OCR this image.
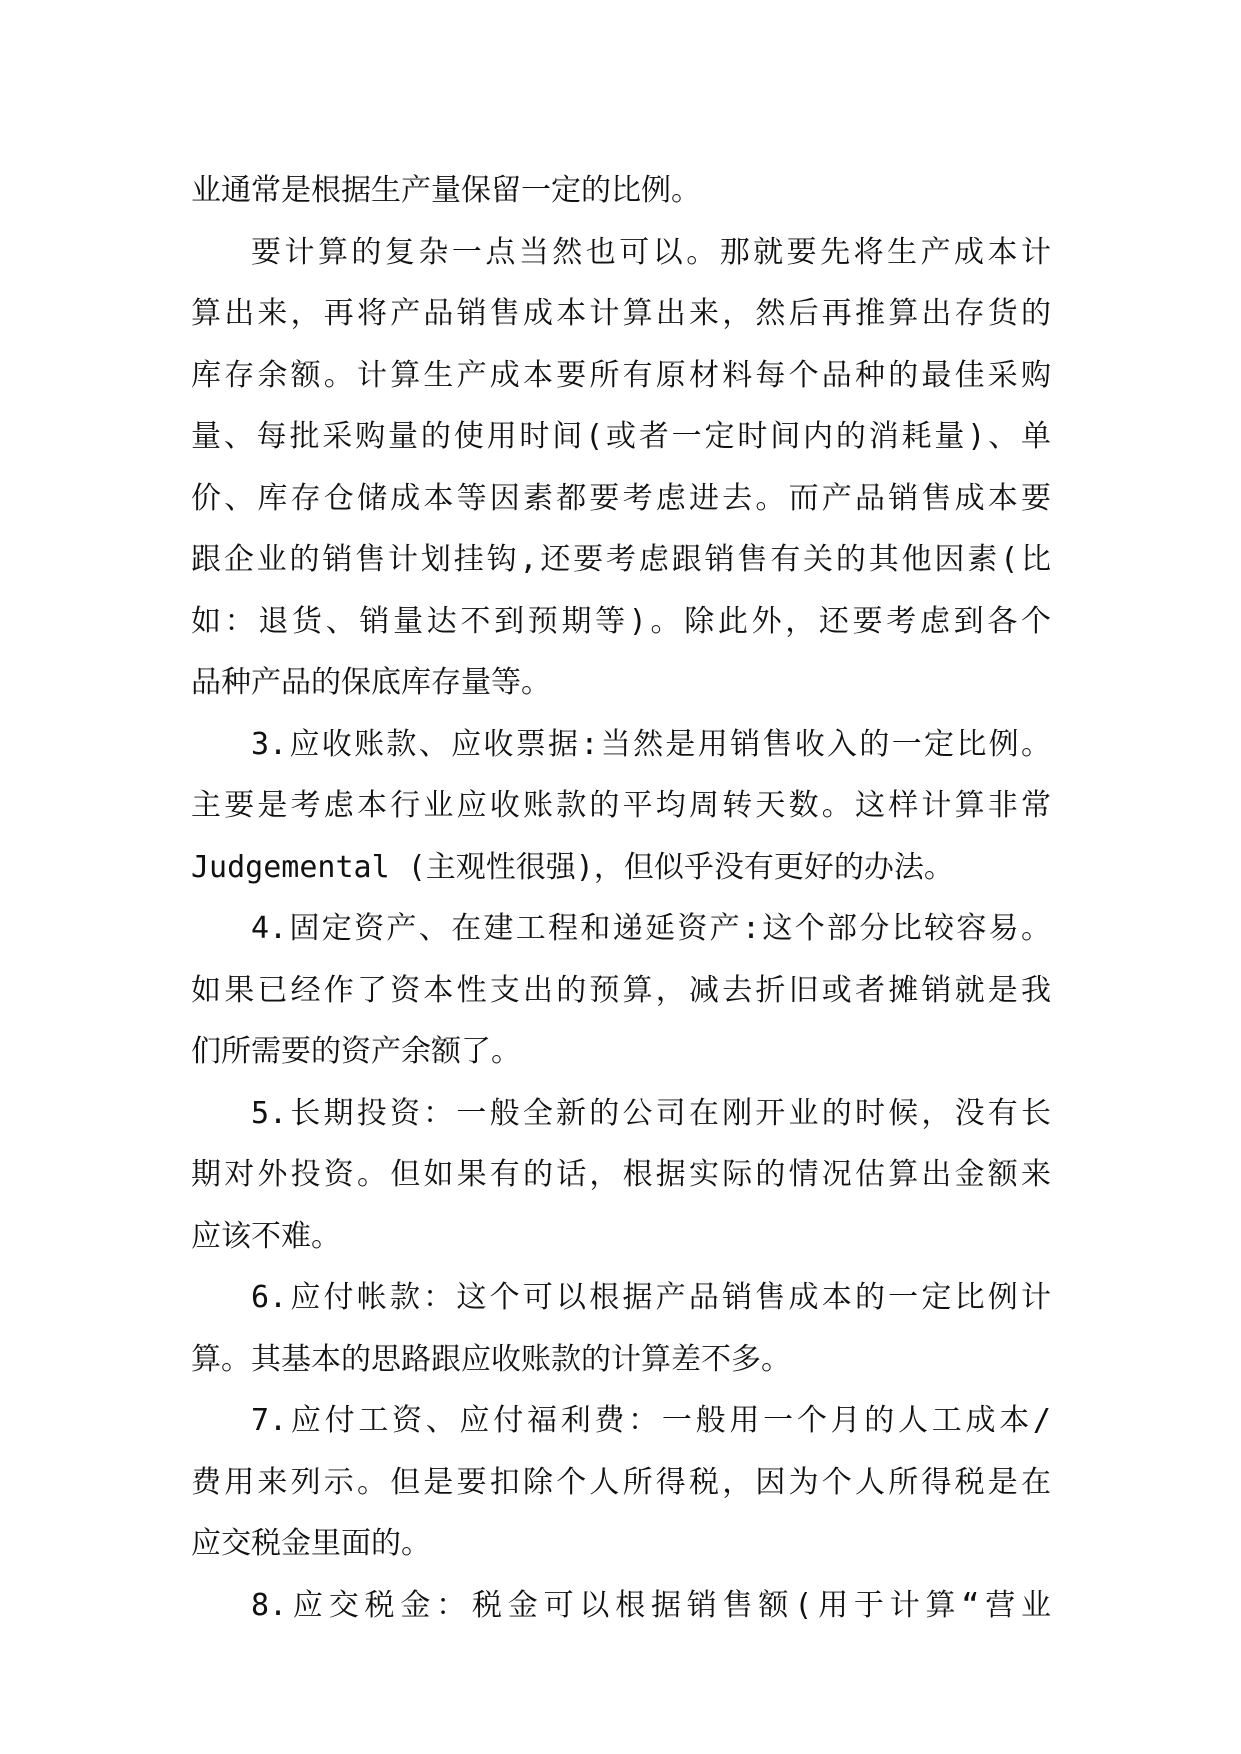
业通常是根据生产量保留一定的比例。
要计算的复杂一点当然也可以。那就要先将生产成本计
算出来，再将产品销售成本计算出来，然后再推算出存货的
库存余额。计算生产成本要所有原材料每个品种的最佳采购
量、每批采购量的使用时间(或者一定时间内的消耗量)、单
价、库存仓储成本等因素都要考虑进去。而产品销售成本要
跟企业的销售计划挂钩,还要考虑跟销售有关的其他因素(比
如：退货、销量达不到预期等)。除此外，还要考虑到各个
品种产品的保底库存量等。
3.应收账款、应收票据:当然是用销售收入的一定比例。
主要是考虑本行业应收账款的平均周转天数。这样计算非常
Judgemental (主观性很强)，但似乎没有更好的办法。
4.固定资产、在建工程和递延资产:这个部分比较容易。
如果已经作了资本性支出的预算，减去折旧或者摊销就是我
们所需要的资产余额了。
5.长期投资：一般全新的公司在刚开业的时候，没有长
期对外投资。但如果有的话，根据实际的情况估算出金额来
应该不难。
6.应付帐款：这个可以根据产品销售成本的一定比例计
算。其基本的思路跟应收账款的计算差不多。
7.应付工资、应付福利费：一般用一个月的人工成本/
费用来列示。但是要扣除个人所得税，因为个人所得税是在
应交税金里面的。
8.应交税金：税金可以根据销售额(用于计算“营业
